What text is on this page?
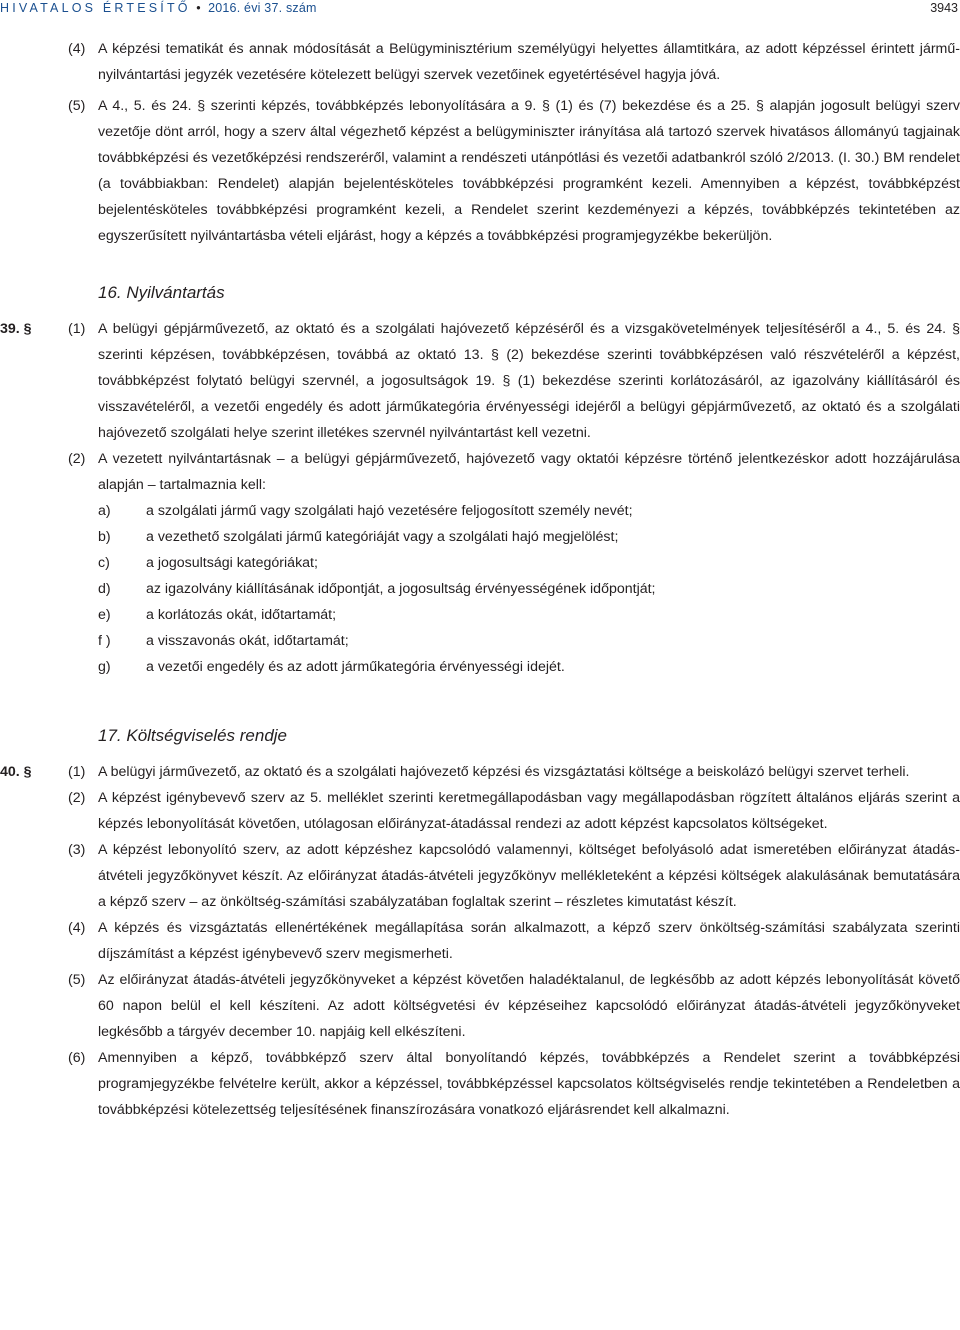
HIVATALOS ÉRTESÍTŐ • 2016. évi 37. szám	3943
(4) A képzési tematikát és annak módosítását a Belügyminisztérium személyügyi helyettes államtitkára, az adott képzéssel érintett jármű-nyilvántartási jegyzék vezetésére kötelezett belügyi szervek vezetőinek egyetértésével hagyja jóvá.
(5) A 4., 5. és 24. § szerinti képzés, továbbképzés lebonyolítására a 9. § (1) és (7) bekezdése és a 25. § alapján jogosult belügyi szerv vezetője dönt arról, hogy a szerv által végezhető képzést a belügyminiszter irányítása alá tartozó szervek hivatásos állományú tagjainak továbbképzési és vezetőképzési rendszeréről, valamint a rendészeti utánpótlási és vezetői adatbankról szóló 2/2013. (I. 30.) BM rendelet (a továbbiakban: Rendelet) alapján bejelentésköteles továbbképzési programként kezeli. Amennyiben a képzést, továbbképzést bejelentésköteles továbbképzési programként kezeli, a Rendelet szerint kezdeményezi a képzés, továbbképzés tekintetében az egyszerűsített nyilvántartásba vételi eljárást, hogy a képzés a továbbképzési programjegyzékbe bekerüljön.
16. Nyilvántartás
39. §	(1) A belügyi gépjárművezető, az oktató és a szolgálati hajóvezető képzéséről és a vizsgakövetelmények teljesítéséről a 4., 5. és 24. § szerinti képzésen, továbbképzésen, továbbá az oktató 13. § (2) bekezdése szerinti továbbképzésen való részvételéről a képzést, továbbképzést folytató belügyi szervnél, a jogosultságok 19. § (1) bekezdése szerinti korlátozásáról, az igazolvány kiállításáról és visszavételéről, a vezetői engedély és adott járműkategória érvényességi idejéről a belügyi gépjárművezető, az oktató és a szolgálati hajóvezető szolgálati helye szerint illetékes szervnél nyilvántartást kell vezetni.
(2) A vezetett nyilvántartásnak – a belügyi gépjárművezető, hajóvezető vagy oktatói képzésre történő jelentkezéskor adott hozzájárulása alapján – tartalmaznia kell:
a)	a szolgálati jármű vagy szolgálati hajó vezetésére feljogosított személy nevét;
b)	a vezethető szolgálati jármű kategóriáját vagy a szolgálati hajó megjelölést;
c)	a jogosultsági kategóriákat;
d)	az igazolvány kiállításának időpontját, a jogosultság érvényességének időpontját;
e)	a korlátozás okát, időtartamát;
f )	a visszavonás okát, időtartamát;
g)	a vezetői engedély és az adott járműkategória érvényességi idejét.
17. Költségviselés rendje
40. §	(1) A belügyi járművezető, az oktató és a szolgálati hajóvezető képzési és vizsgáztatási költsége a beiskolázó belügyi szervet terheli.
(2) A képzést igénybevevő szerv az 5. melléklet szerinti keretmegállapodásban vagy megállapodásban rögzített általános eljárás szerint a képzés lebonyolítását követően, utólagosan előirányzat-átadással rendezi az adott képzést kapcsolatos költségeket.
(3) A képzést lebonyolító szerv, az adott képzéshez kapcsolódó valamennyi, költséget befolyásoló adat ismeretében előirányzat átadás-átvételi jegyzőkönyvet készít. Az előirányzat átadás-átvételi jegyzőkönyv mellékleteként a képzési költségek alakulásának bemutatására a képző szerv – az önköltség-számítási szabályzatában foglaltak szerint – részletes kimutatást készít.
(4) A képzés és vizsgáztatás ellenértékének megállapítása során alkalmazott, a képző szerv önköltség-számítási szabályzata szerinti díjszámítást a képzést igénybevevő szerv megismerheti.
(5) Az előirányzat átadás-átvételi jegyzőkönyveket a képzést követően haladéktalanul, de legkésőbb az adott képzés lebonyolítását követő 60 napon belül el kell készíteni. Az adott költségvetési év képzéseihez kapcsolódó előirányzat átadás-átvételi jegyzőkönyveket legkésőbb a tárgyév december 10. napjáig kell elkészíteni.
(6) Amennyiben a képző, továbbképző szerv által bonyolítandó képzés, továbbképzés a Rendelet szerint a továbbképzési programjegyzékbe felvételre került, akkor a képzéssel, továbbképzéssel kapcsolatos költségviselés rendje tekintetében a Rendeletben a továbbképzési kötelezettség teljesítésének finanszírozására vonatkozó eljárásrendet kell alkalmazni.
